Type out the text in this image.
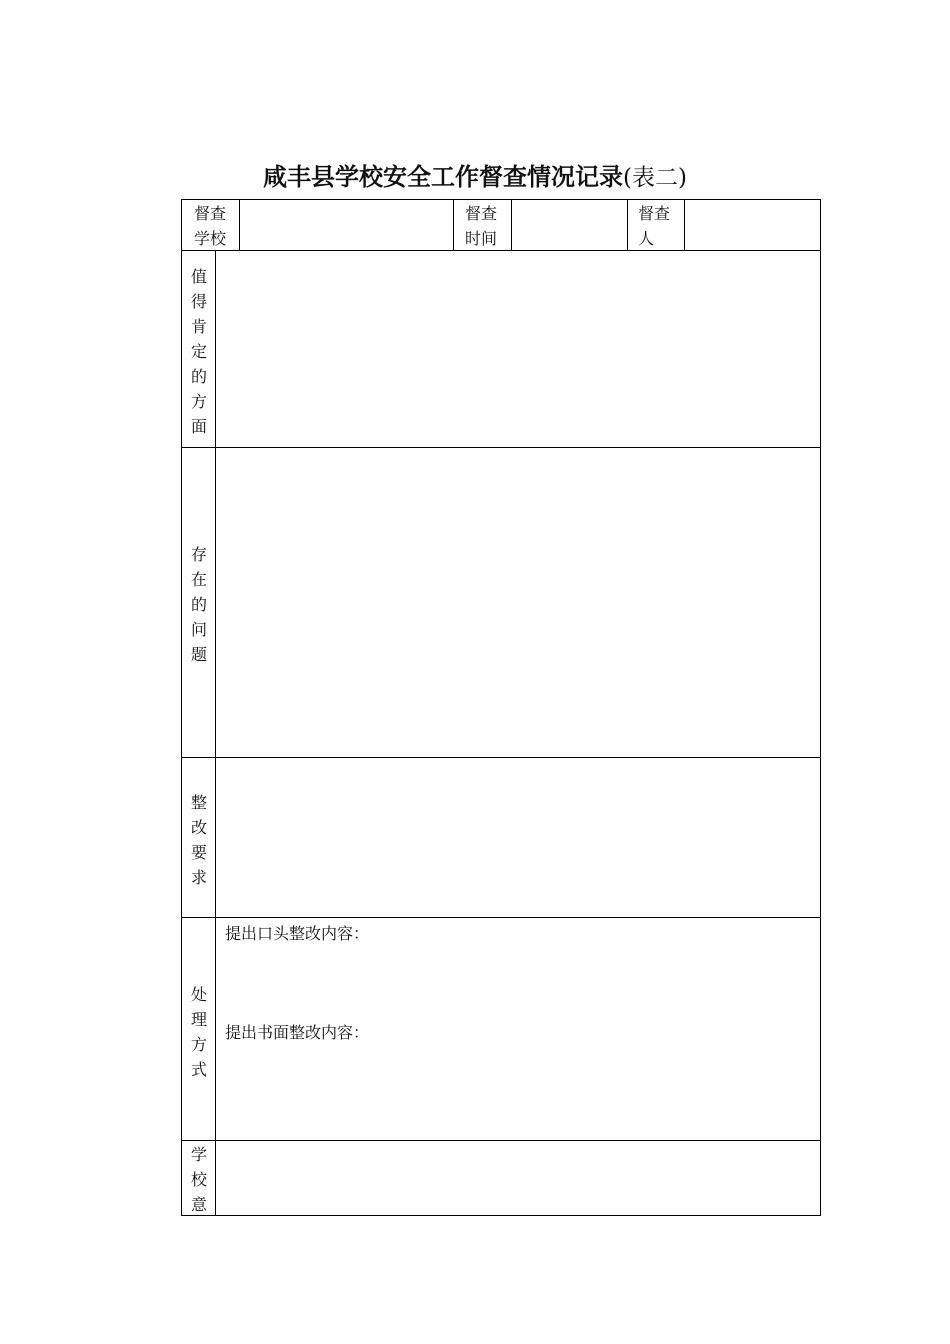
咸丰县学校安全工作督查情况记录(表二)
督查
学校
督查
时间
督查
人
值
得
肯
定
的
方
面
存
在
的
问
题
整
改
要
求
处
理
方
式
提出口头整改内容：
提出书面整改内容：
学
校
意
